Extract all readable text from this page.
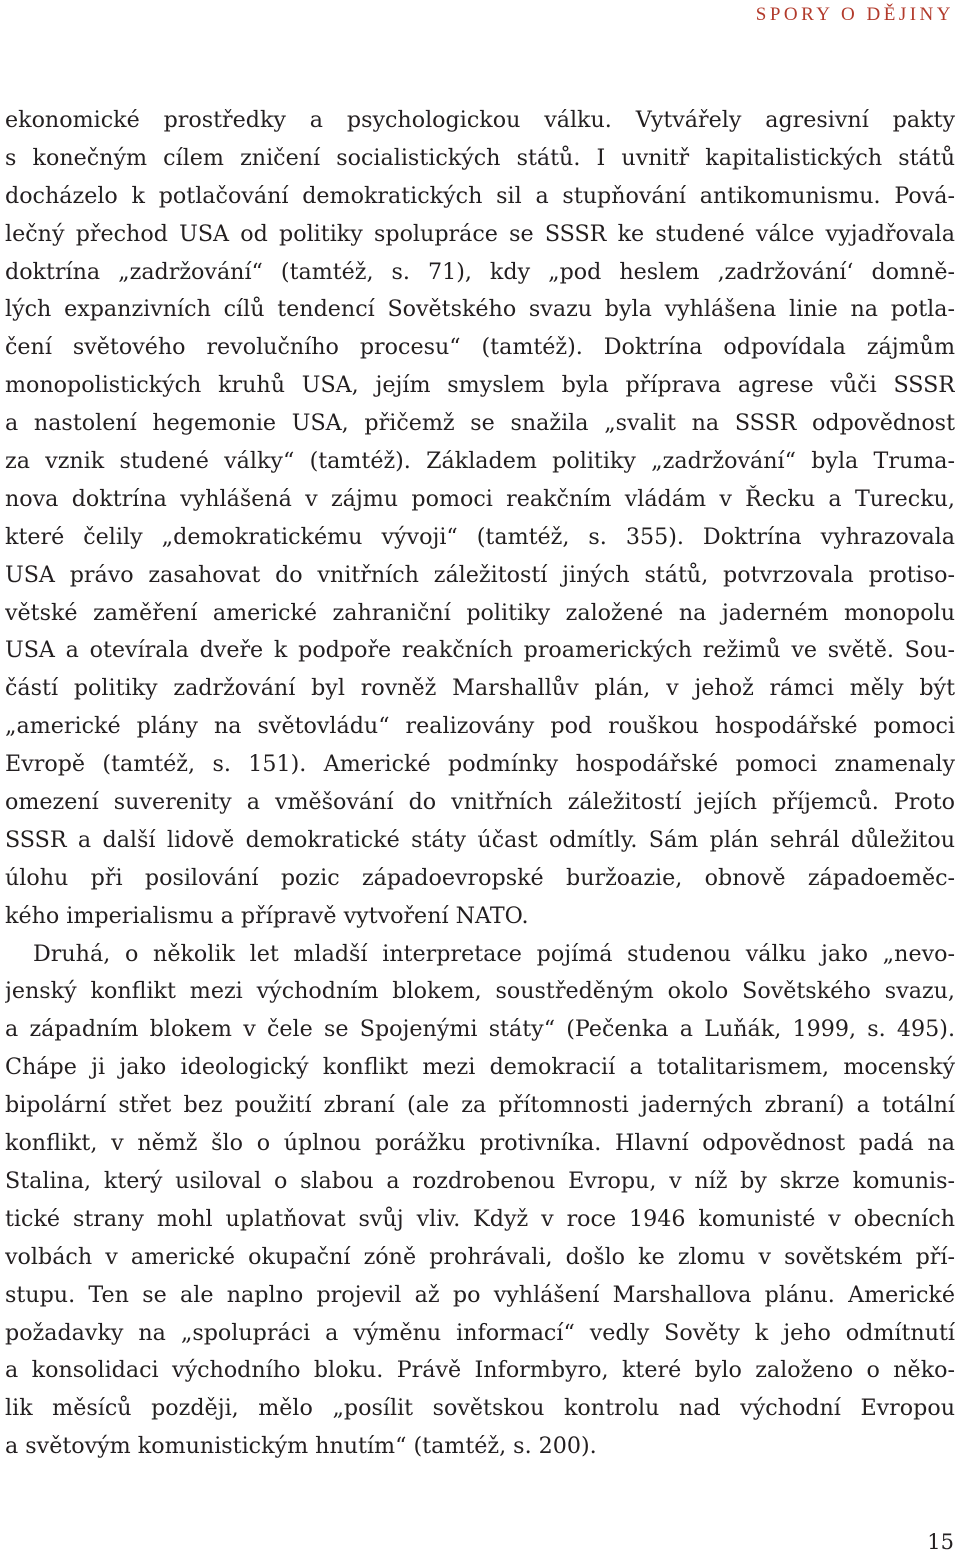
SPORY O DĚJINY
ekonomické prostředky a psychologickou válku. Vytvářely agresivní pakty
s konečným cílem zničení socialistických států. I uvnitř kapitalistických států
docházelo k potlačování demokratických sil a stupňování antikomunismu. Pová-
lečný přechod USA od politiky spolupráce se SSSR ke studené válce vyjadřovala
doktrína „zadržování“ (tamtéž, s. 71), kdy „pod heslem ‚zadržování‘ domně-
lých expanzivních cílů tendencí Sovětského svazu byla vyhlášena linie na potla-
čení světového revolučního procesu“ (tamtéž). Doktrína odpovídala zájmům
monopolistických kruhů USA, jejím smyslem byla příprava agrese vůči SSSR
a nastolení hegemonie USA, přičemž se snažila „svalit na SSSR odpovědnost
za vznik studené války“ (tamtéž). Základem politiky „zadržování“ byla Truma-
nova doktrína vyhlášená v zájmu pomoci reakčním vládám v Řecku a Turecku,
které čelily „demokratickému vývoji“ (tamtéž, s. 355). Doktrína vyhrazovala
USA právo zasahovat do vnitřních záležitostí jiných států, potvrzovala protiso-
větské zaměření americké zahraniční politiky založené na jaderném monopolu
USA a otevírala dveře k podpoře reakčních proamerických režimů ve světě. Sou-
částí politiky zadržování byl rovněž Marshallův plán, v jehož rámci měly být
„americké plány na světovládu“ realizovány pod rouškou hospodářské pomoci
Evropě (tamtéž, s. 151). Americké podmínky hospodářské pomoci znamenaly
omezení suverenity a vměšování do vnitřních záležitostí jejích příjemců. Proto
SSSR a další lidově demokratické státy účast odmítly. Sám plán sehrál důležitou
úlohu při posilování pozic západoevropské buržoazie, obnově západoeměc-
kého imperialismu a přípravě vytvoření NATO.
Druhá, o několik let mladší interpretace pojímá studenou válku jako „nevo-
jenský konflikt mezi východním blokem, soustředěným okolo Sovětského svazu,
a západním blokem v čele se Spojenými státy“ (Pečenka a Luňák, 1999, s. 495).
Chápe ji jako ideologický konflikt mezi demokracií a totalitarismem, mocenský
bipolární střet bez použití zbraní (ale za přítomnosti jaderných zbraní) a totální
konflikt, v němž šlo o úplnou porážku protivníka. Hlavní odpovědnost padá na
Stalina, který usiloval o slabou a rozdrobenou Evropu, v níž by skrze komunis-
tické strany mohl uplatňovat svůj vliv. Když v roce 1946 komunisté v obecních
volbách v americké okupační zóně prohrávali, došlo ke zlomu v sovětském pří-
stupu. Ten se ale naplno projevil až po vyhlášení Marshallova plánu. Americké
požadavky na „spolupráci a výměnu informací“ vedly Sověty k jeho odmítnutí
a konsolidaci východního bloku. Právě Informbyro, které bylo založeno o něko-
lik měsíců později, mělo „posílit sovětskou kontrolu nad východní Evropou
a světovým komunistickým hnutím“ (tamtéž, s. 200).
15
